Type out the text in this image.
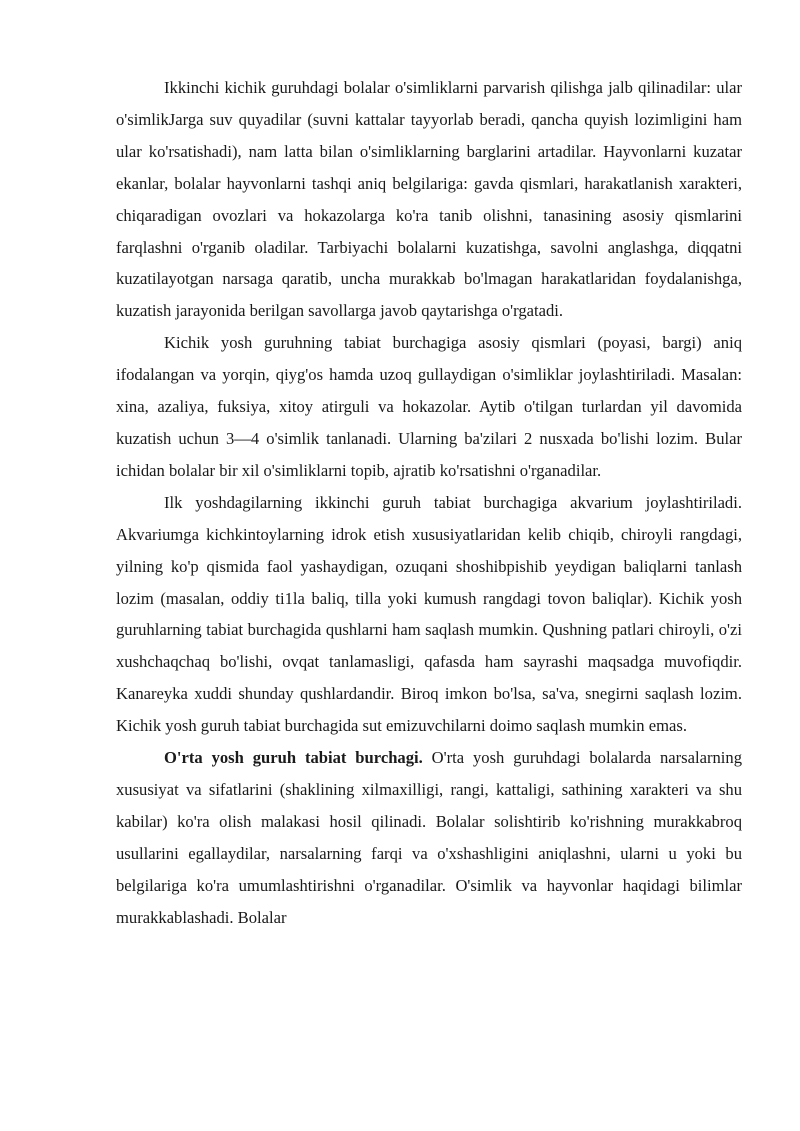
Ikkinchi kichik guruhdagi bolalar o'simliklarni parvarish qilishga jalb qilinadilar: ular o'simlikJarga suv quyadilar (suvni kattalar tayyorlab beradi, qancha quyish lozimligini ham ular ko'rsatishadi), nam latta bilan o'simliklarning barglarini artadilar. Hayvonlarni kuzatar ekanlar, bolalar hayvonlarni tashqi aniq belgilariga: gavda qismlari, harakatlanish xarakteri, chiqaradigan ovozlari va hokazolarga ko'ra tanib olishni, tanasining asosiy qismlarini farqlashni o'rganib oladilar. Tarbiyachi bolalarni kuzatishga, savolni anglashga, diqqatni kuzatilayotgan narsaga qaratib, uncha murakkab bo'lmagan harakatlaridan foydalanishga, kuzatish jarayonida berilgan savollarga javob qaytarishga o'rgatadi.

Kichik yosh guruhning tabiat burchagiga asosiy qismlari (poyasi, bargi) aniq ifodalangan va yorqin, qiyg'os hamda uzoq gullaydigan o'simliklar joylashtiriladi. Masalan: xina, azaliya, fuksiya, xitoy atirguli va hokazolar. Aytib o'tilgan turlardan yil davomida kuzatish uchun 3—4 o'simlik tanlanadi. Ularning ba'zilari 2 nusxada bo'lishi lozim. Bular ichidan bolalar bir xil o'simliklarni topib, ajratib ko'rsatishni o'rganadilar.

Ilk yoshdagilarning ikkinchi guruh tabiat burchagiga akvarium joylashtiriladi. Akvariumga kichkintoylarning idrok etish xususiyatlaridan kelib chiqib, chiroyli rangdagi, yilning ko'p qismida faol yashaydigan, ozuqani shoshibpishib yeydigan baliqlarni tanlash lozim (masalan, oddiy ti1la baliq, tilla yoki kumush rangdagi tovon baliqlar). Kichik yosh guruhlarning tabiat burchagida qushlarni ham saqlash mumkin. Qushning patlari chiroyli, o'zi xushchaqchaq bo'lishi, ovqat tanlamasligi, qafasda ham sayrashi maqsadga muvofiqdir. Kanareyka xuddi shunday qushlardandir. Biroq imkon bo'lsa, sa'va, snegirni saqlash lozim. Kichik yosh guruh tabiat burchagida sut emizuvchilarni doimo saqlash mumkin emas.

O'rta yosh guruh tabiat burchagi. O'rta yosh guruhdagi bolalarda narsalarning xususiyat va sifatlarini (shaklining xilmaxilligi, rangi, kattaligi, sathining xarakteri va shu kabilar) ko'ra olish malakasi hosil qilinadi. Bolalar solishtirib ko'rishning murakkabroq usullarini egallaydilar, narsalarning farqi va o'xshashligini aniqlashni, ularni u yoki bu belgilariga ko'ra umumlashtirishni o'rganadilar. O'simlik va hayvonlar haqidagi bilimlar murakkablashadi. Bolalar
